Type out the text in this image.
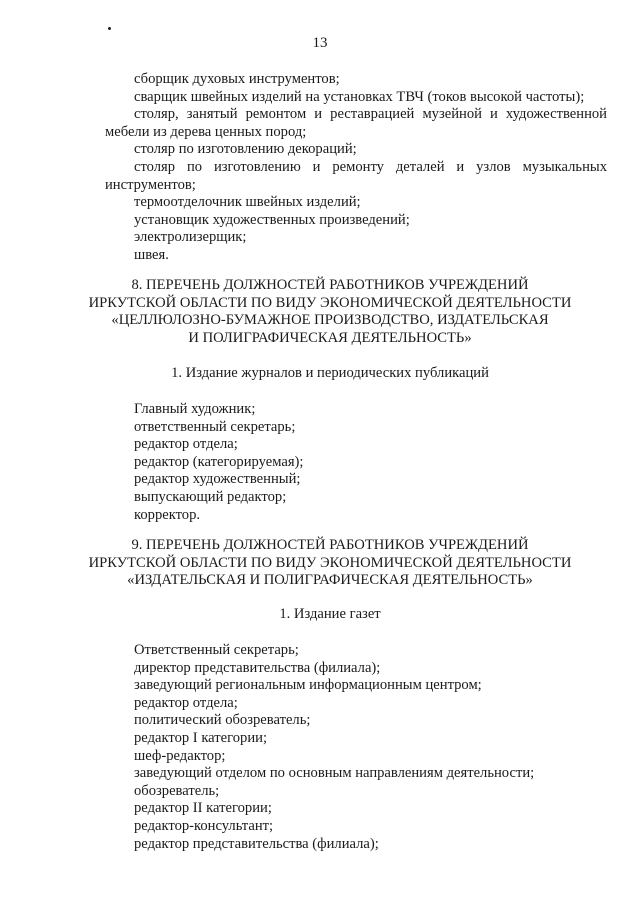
13
сборщик духовых инструментов;
сварщик швейных изделий на установках ТВЧ (токов высокой частоты);
столяр, занятый ремонтом и реставрацией музейной и художественной
мебели из дерева ценных пород;
столяр по изготовлению декораций;
столяр по изготовлению и ремонту деталей и узлов музыкальных
инструментов;
термоотделочник швейных изделий;
установщик художественных произведений;
электролизерщик;
швея.
8. ПЕРЕЧЕНЬ ДОЛЖНОСТЕЙ РАБОТНИКОВ УЧРЕЖДЕНИЙ
ИРКУТСКОЙ ОБЛАСТИ ПО ВИДУ ЭКОНОМИЧЕСКОЙ ДЕЯТЕЛЬНОСТИ
«ЦЕЛЛЮЛОЗНО-БУМАЖНОЕ ПРОИЗВОДСТВО, ИЗДАТЕЛЬСКАЯ
И ПОЛИГРАФИЧЕСКАЯ ДЕЯТЕЛЬНОСТЬ»
1. Издание журналов и периодических публикаций
Главный художник;
ответственный секретарь;
редактор отдела;
редактор (категорируемая);
редактор художественный;
выпускающий редактор;
корректор.
9. ПЕРЕЧЕНЬ ДОЛЖНОСТЕЙ РАБОТНИКОВ УЧРЕЖДЕНИЙ
ИРКУТСКОЙ ОБЛАСТИ ПО ВИДУ ЭКОНОМИЧЕСКОЙ ДЕЯТЕЛЬНОСТИ
«ИЗДАТЕЛЬСКАЯ И ПОЛИГРАФИЧЕСКАЯ ДЕЯТЕЛЬНОСТЬ»
1. Издание газет
Ответственный секретарь;
директор представительства (филиала);
заведующий региональным информационным центром;
редактор отдела;
политический обозреватель;
редактор I категории;
шеф-редактор;
заведующий отделом по основным направлениям деятельности;
обозреватель;
редактор II категории;
редактор-консультант;
редактор представительства (филиала);
